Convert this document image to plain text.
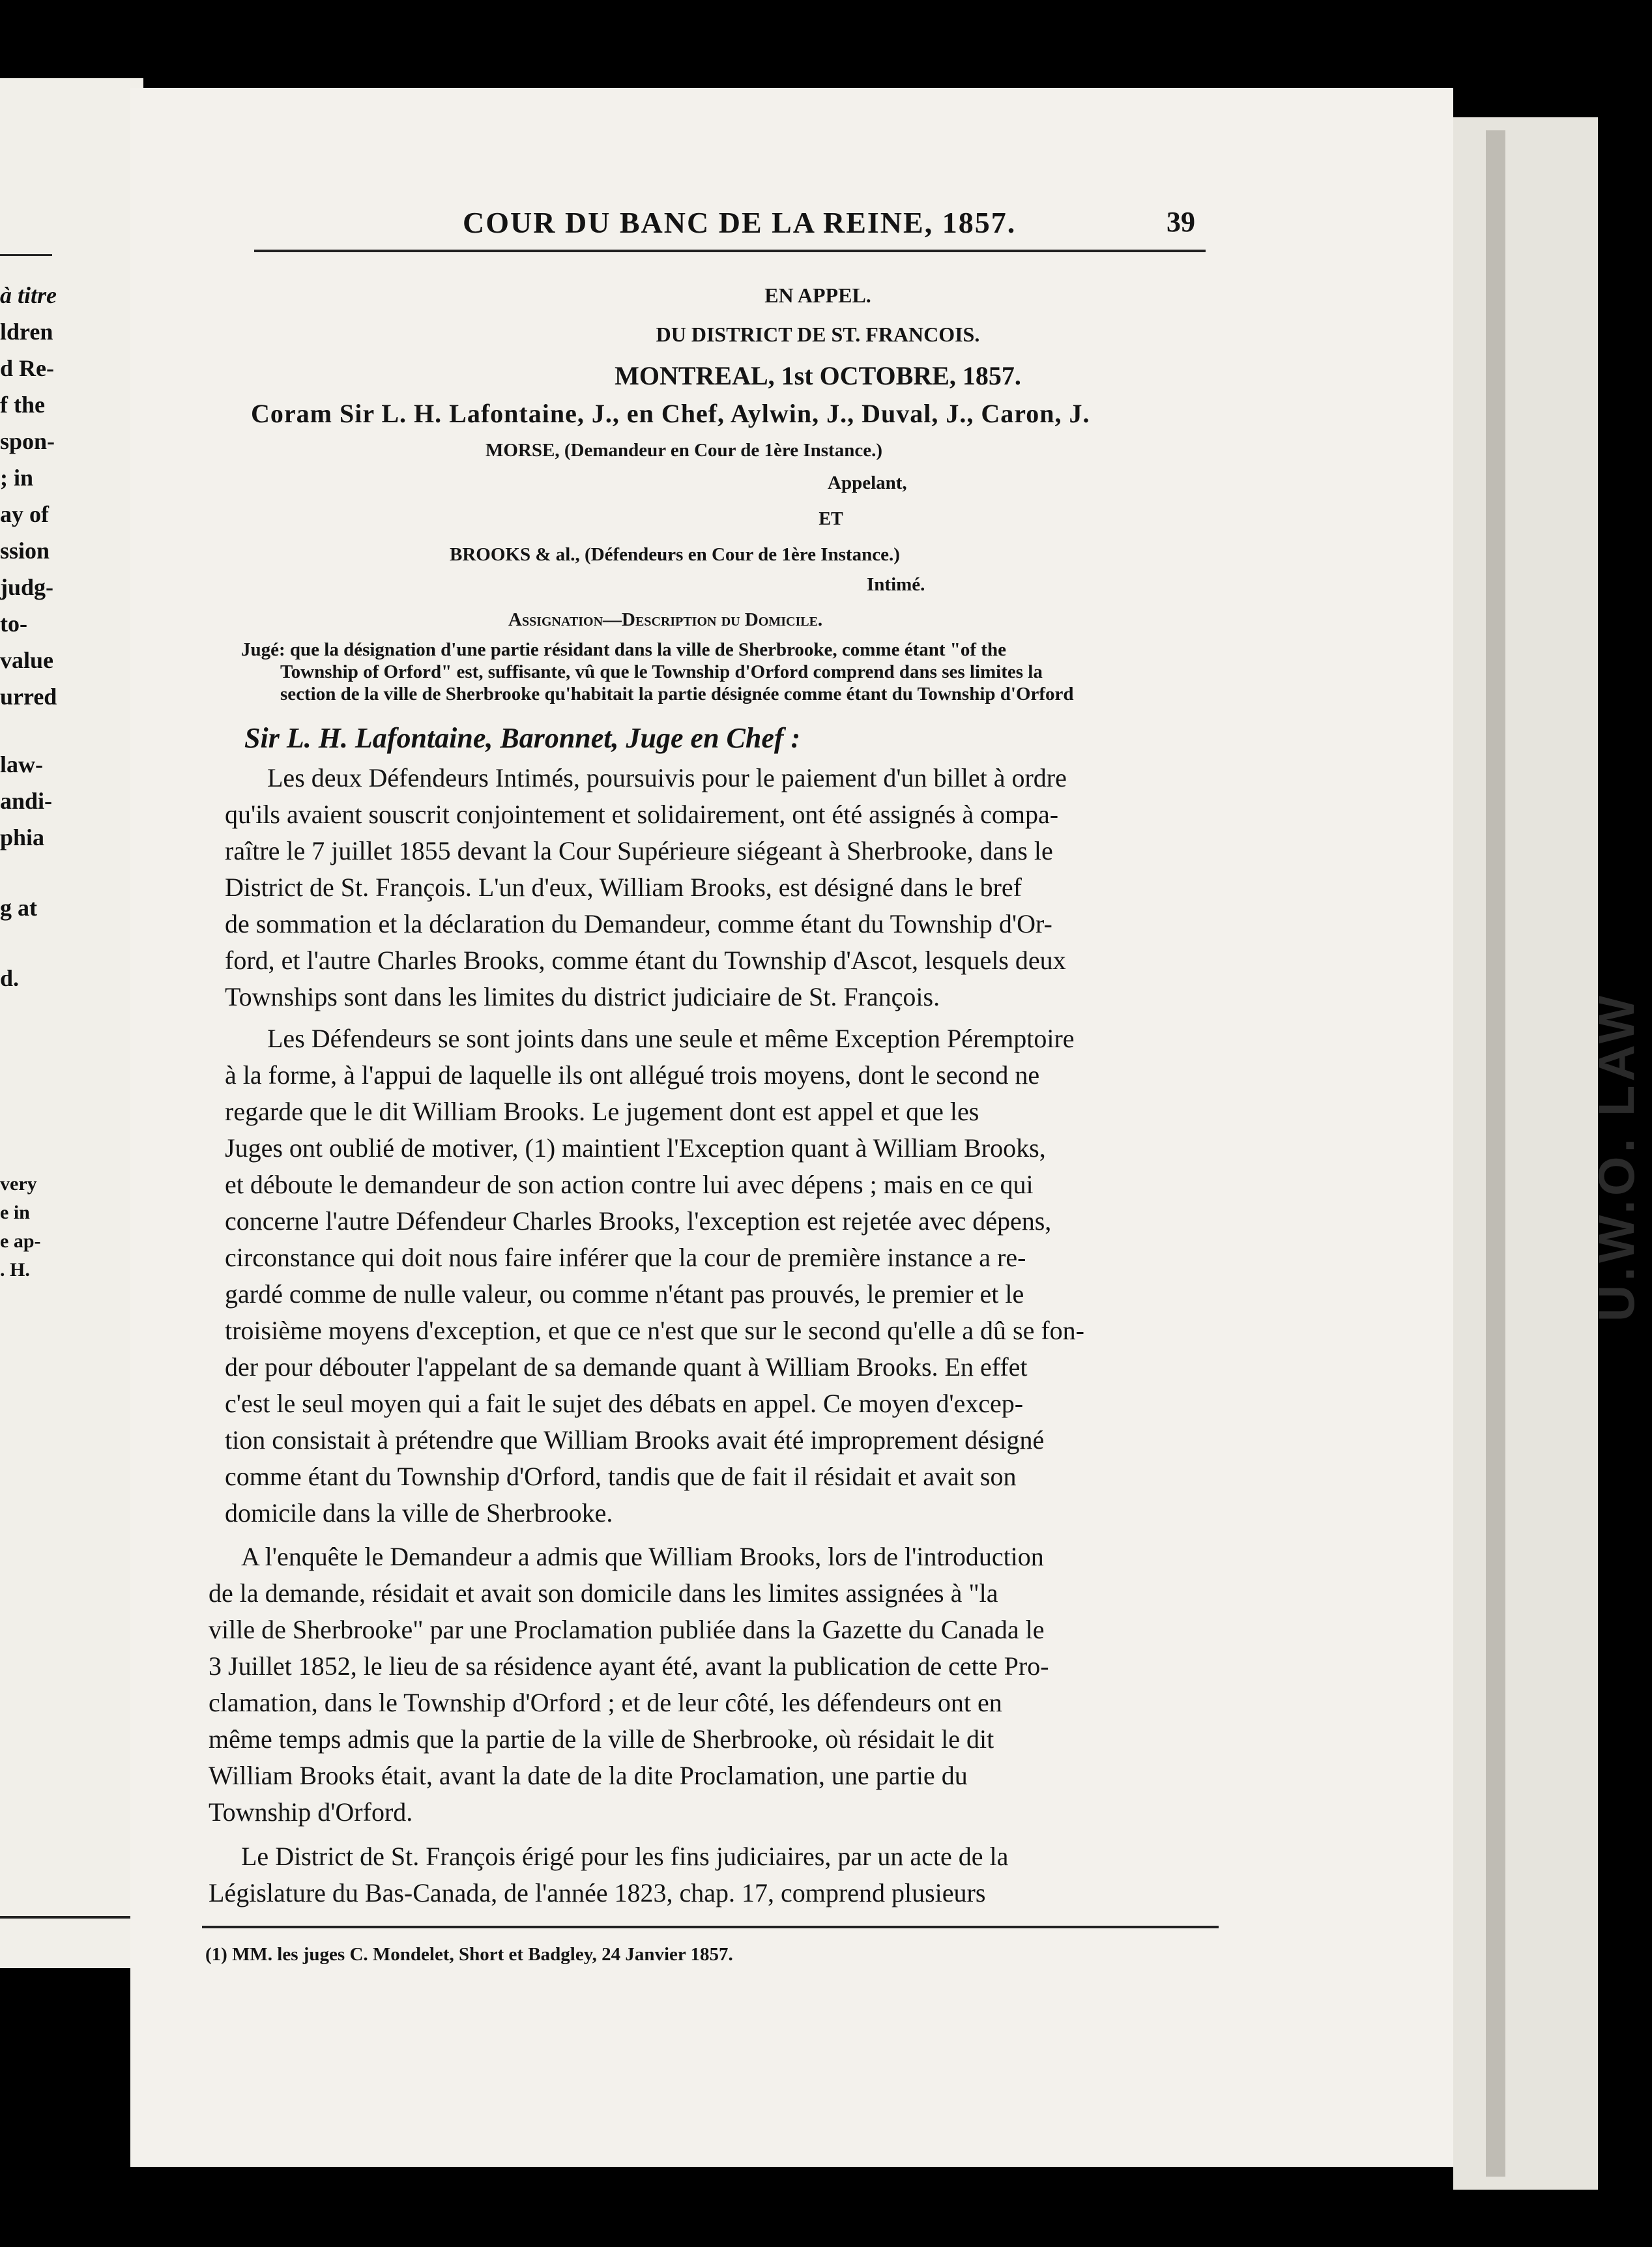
à titre
ldren
d Re-
f the
spon-
; in
ay of
ssion
judg-
to-
value
urred
law-
andi-
phia
g at
d.
very
e in
e ap-
. H.	U.W.O. LAW
COUR DU BANC DE LA REINE, 1857.	39
EN APPEL.
DU DISTRICT DE ST. FRANCOIS.
MONTREAL, 1st OCTOBRE, 1857.
Coram Sir L. H. Lafontaine, J., en Chef, Aylwin, J., Duval, J., Caron, J.
MORSE, (Demandeur en Cour de 1ère Instance.)
Appelant,
ET
BROOKS & al., (Défendeurs en Cour de 1ère Instance.)
Intimé.
Assignation—Description du Domicile.
Jugé: que la désignation d'une partie résidant dans la ville de Sherbrooke, comme étant "of the
Township of Orford" est, suffisante, vû que le Township d'Orford comprend dans ses limites la
section de la ville de Sherbrooke qu'habitait la partie désignée comme étant du Township d'Orford
Sir L. H. Lafontaine, Baronnet, Juge en Chef :
Les deux Défendeurs Intimés, poursuivis pour le paiement d'un billet à ordre
qu'ils avaient souscrit conjointement et solidairement, ont été assignés à compa-
raître le 7 juillet 1855 devant la Cour Supérieure siégeant à Sherbrooke, dans le
District de St. François. L'un d'eux, William Brooks, est désigné dans le bref
de sommation et la déclaration du Demandeur, comme étant du Township d'Or-
ford, et l'autre Charles Brooks, comme étant du Township d'Ascot, lesquels deux
Townships sont dans les limites du district judiciaire de St. François.
Les Défendeurs se sont joints dans une seule et même Exception Péremptoire
à la forme, à l'appui de laquelle ils ont allégué trois moyens, dont le second ne
regarde que le dit William Brooks. Le jugement dont est appel et que les
Juges ont oublié de motiver, (1) maintient l'Exception quant à William Brooks,
et déboute le demandeur de son action contre lui avec dépens ; mais en ce qui
concerne l'autre Défendeur Charles Brooks, l'exception est rejetée avec dépens,
circonstance qui doit nous faire inférer que la cour de première instance a re-
gardé comme de nulle valeur, ou comme n'étant pas prouvés, le premier et le
troisième moyens d'exception, et que ce n'est que sur le second qu'elle a dû se fon-
der pour débouter l'appelant de sa demande quant à William Brooks. En effet
c'est le seul moyen qui a fait le sujet des débats en appel. Ce moyen d'excep-
tion consistait à prétendre que William Brooks avait été improprement désigné
comme étant du Township d'Orford, tandis que de fait il résidait et avait son
domicile dans la ville de Sherbrooke.
A l'enquête le Demandeur a admis que William Brooks, lors de l'introduction
de la demande, résidait et avait son domicile dans les limites assignées à "la
ville de Sherbrooke" par une Proclamation publiée dans la Gazette du Canada le
3 Juillet 1852, le lieu de sa résidence ayant été, avant la publication de cette Pro-
clamation, dans le Township d'Orford ; et de leur côté, les défendeurs ont en
même temps admis que la partie de la ville de Sherbrooke, où résidait le dit
William Brooks était, avant la date de la dite Proclamation, une partie du
Township d'Orford.
Le District de St. François érigé pour les fins judiciaires, par un acte de la
Législature du Bas-Canada, de l'année 1823, chap. 17, comprend plusieurs
(1) MM. les juges C. Mondelet, Short et Badgley, 24 Janvier 1857.
